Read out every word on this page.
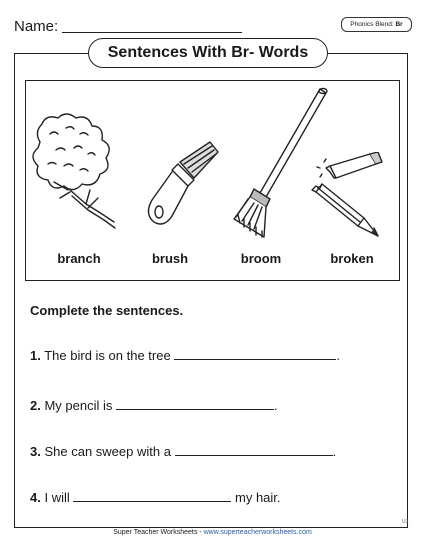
Name:	Phonics Blend: Br
Sentences With Br- Words
branch	brush	broom	broken
Complete the sentences.
1. The bird is on the tree	.
2. My pencil is	.
3. She can sweep with a	.
4. I will	my hair.
U3
Super Teacher Worksheets - www.superteacherworksheets.com
